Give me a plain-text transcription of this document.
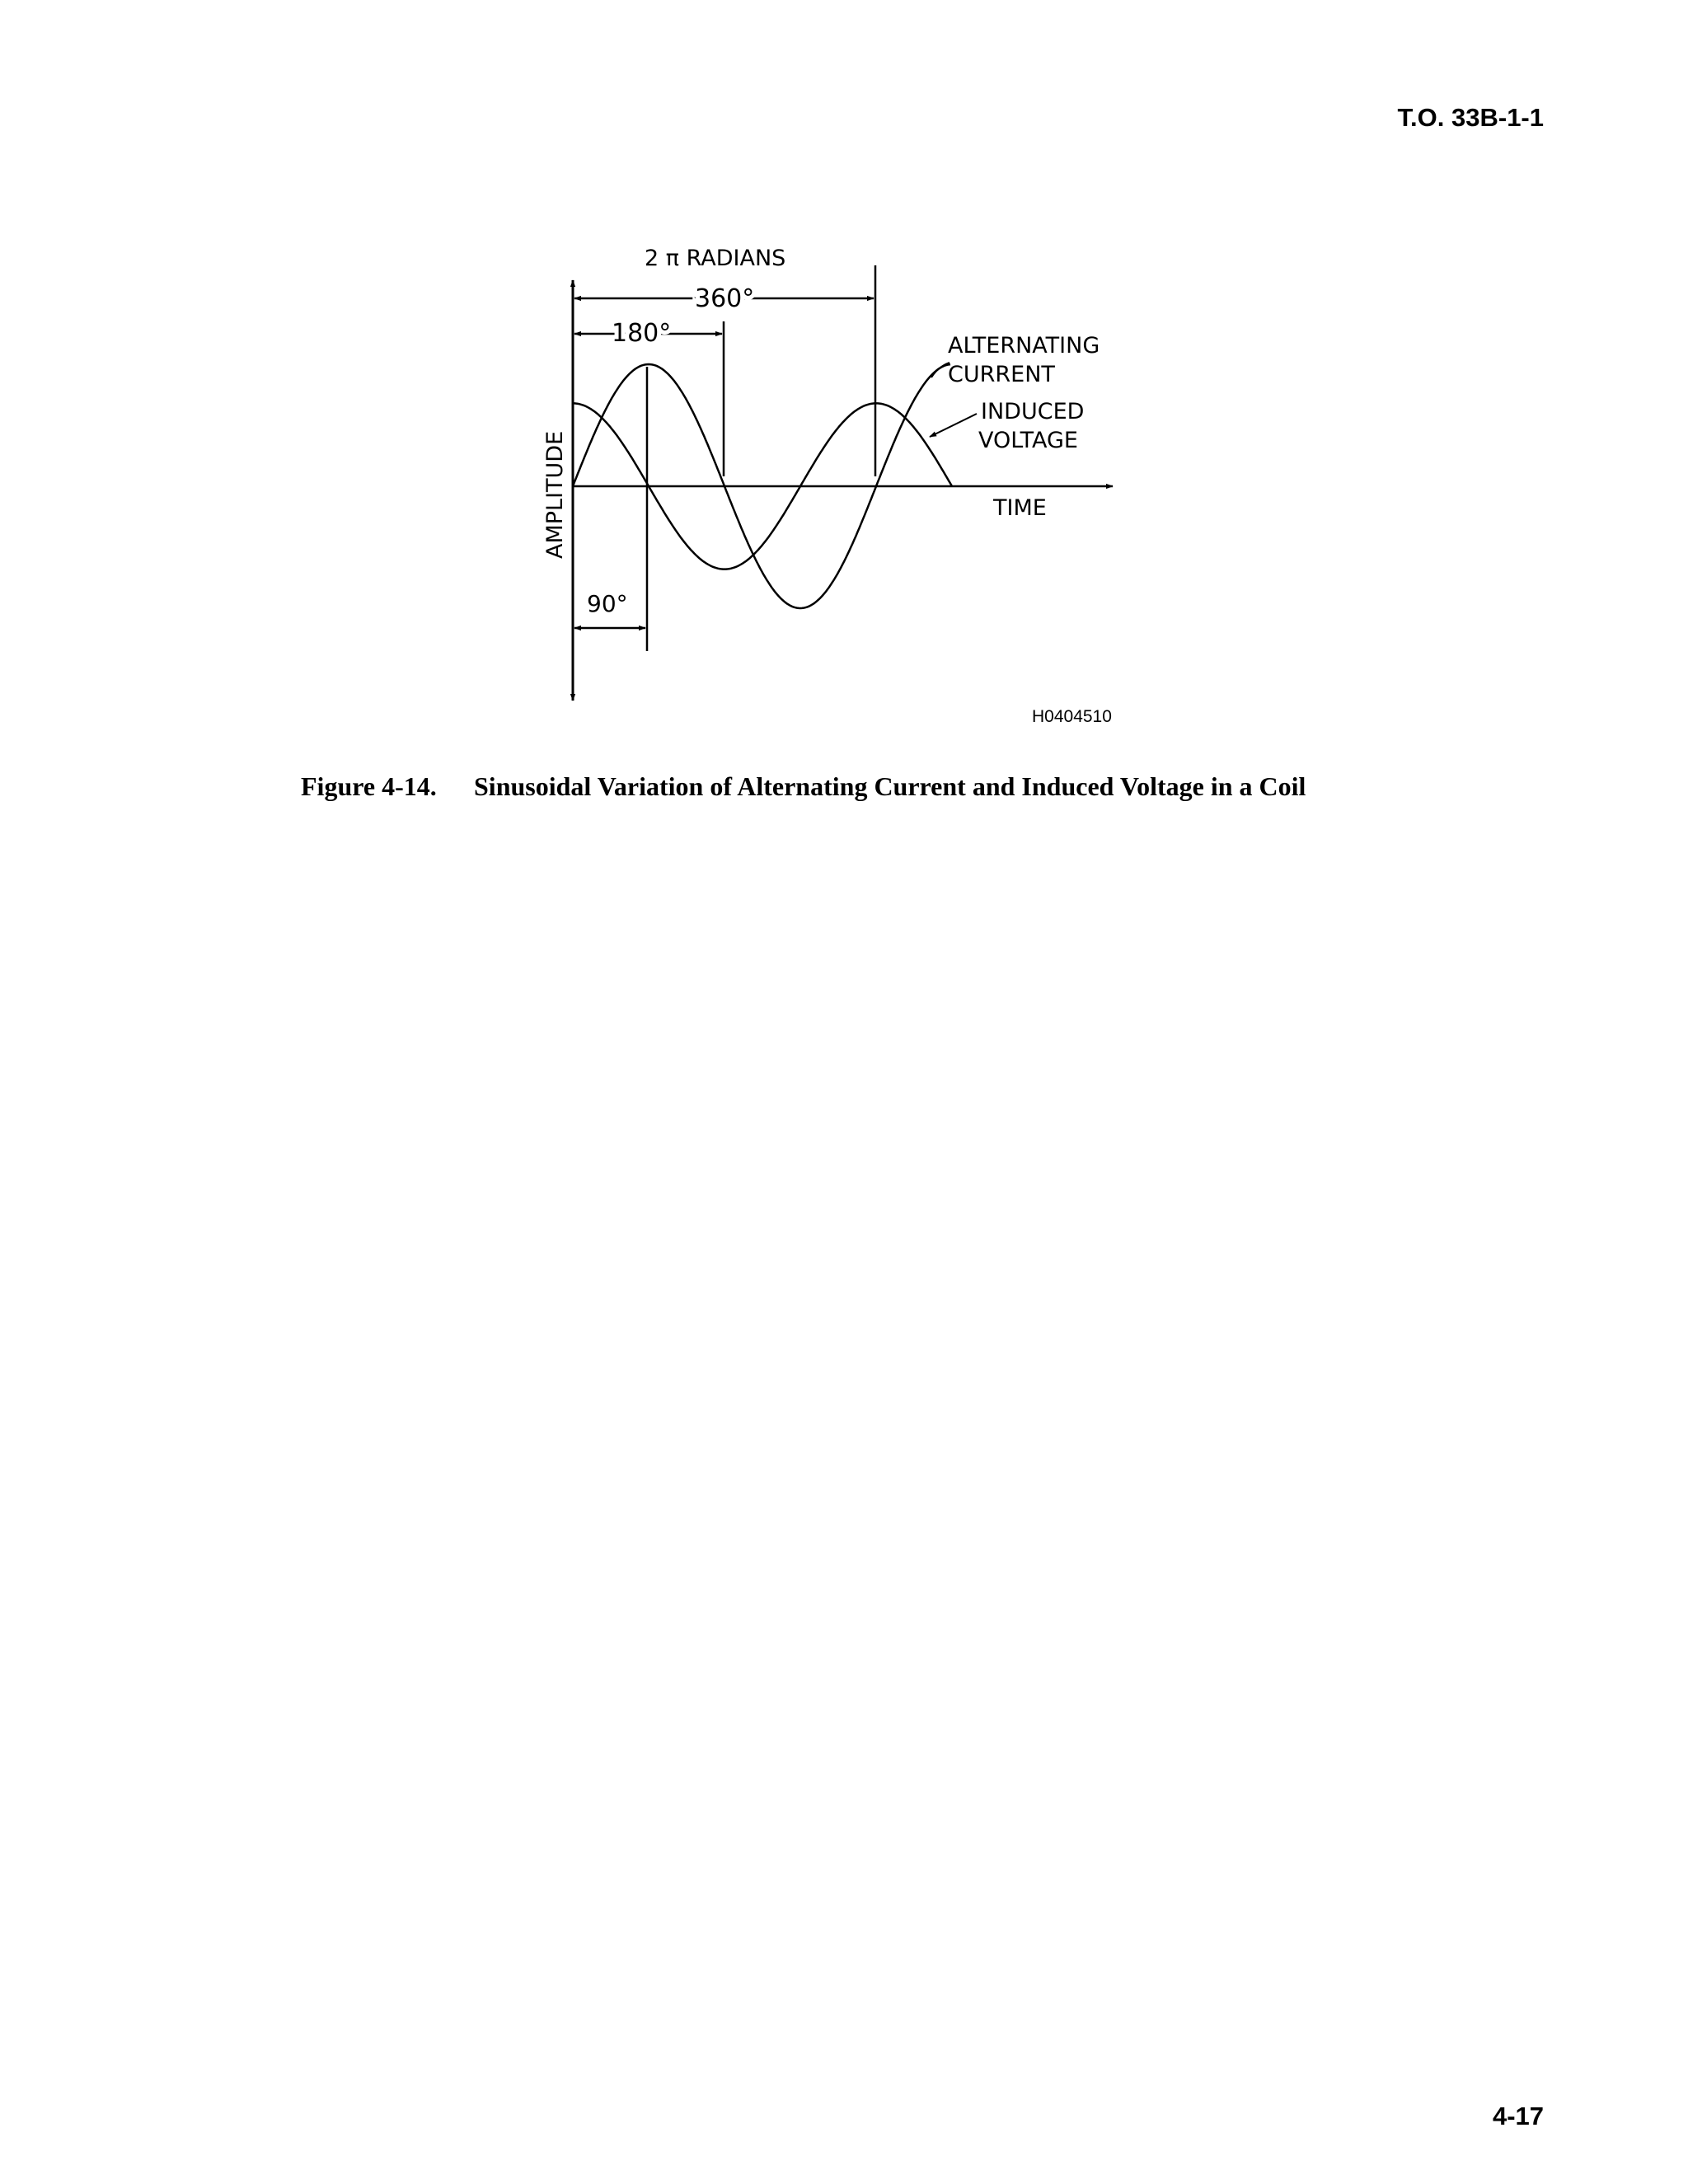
T.O. 33B-1-1
2 π RADIANS
360°
180°
90°
ALTERNATING
CURRENT
INDUCED
VOLTAGE
TIME
AMPLITUDE
H0404510
Figure 4-14. Sinusoidal Variation of Alternating Current and Induced Voltage in a Coil
4-17
